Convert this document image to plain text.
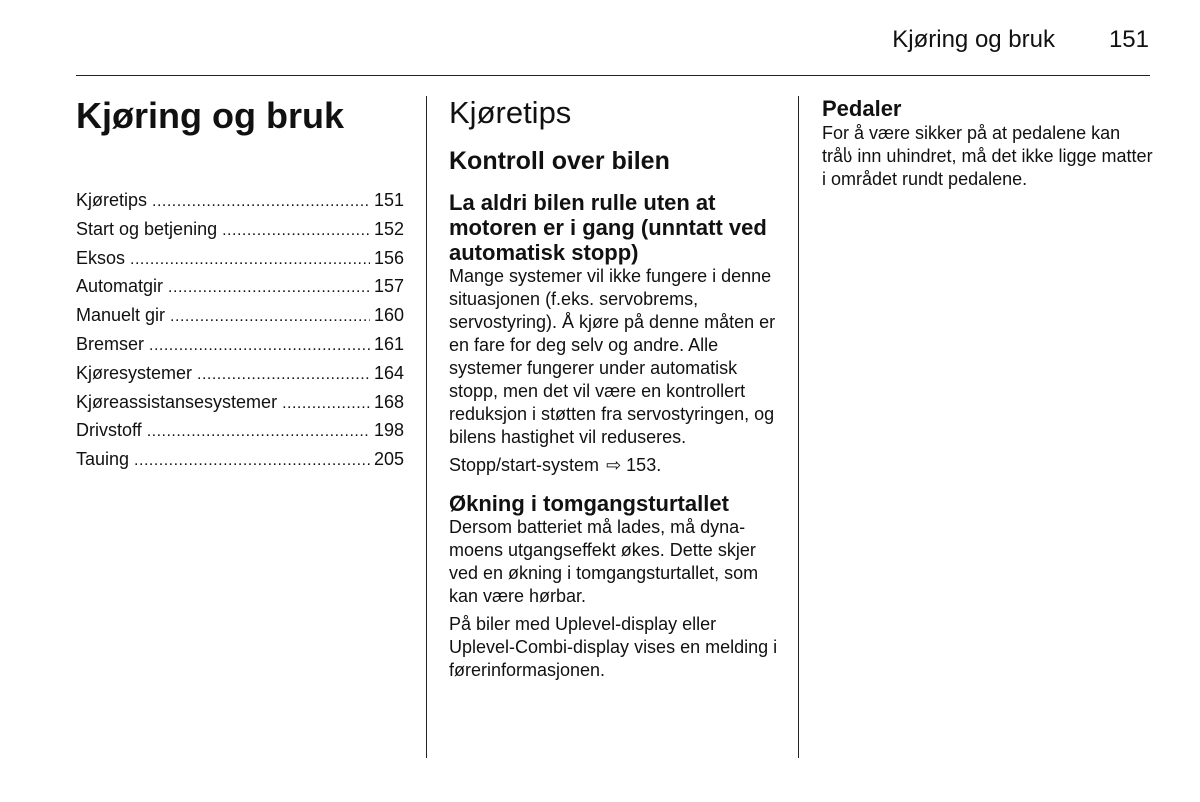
Kjøring og bruk 151
Kjøring og bruk
Kjøretips .....	151
Start og betjening .....	152
Eksos .....	156
Automatgir .....	157
Manuelt gir .....	160
Bremser .....	161
Kjøresystemer .....	164
Kjøreassistansesystemer .....	168
Drivstoff .....	198
Tauing .....	205
Kjøretips
Kontroll over bilen
La aldri bilen rulle uten at motoren er i gang (unntatt ved automatisk stopp)

Mange systemer vil ikke fungere i denne situasjonen (f.eks. servobrems, servostyring). Å kjøre på denne måten er en fare for deg selv og andre. Alle systemer fungerer under automatisk stopp, men det vil være en kontrollert reduksjon i støtten fra servostyringen, og bilens hastighet vil reduseres.

Stopp/start-system ⇨ 153.

Økning i tomgangsturtallet

Dersom batteriet må lades, må dynamoens utgangseffekt økes. Dette skjer ved en økning i tomgangsturtallet, som kan være hørbar.

På biler med Uplevel-display eller Uplevel-Combi-display vises en melding i førerinformasjonen.

Pedaler

For å være sikker på at pedalene kan tråს inn uhindret, må det ikke ligge matter i området rundt pedalene.
